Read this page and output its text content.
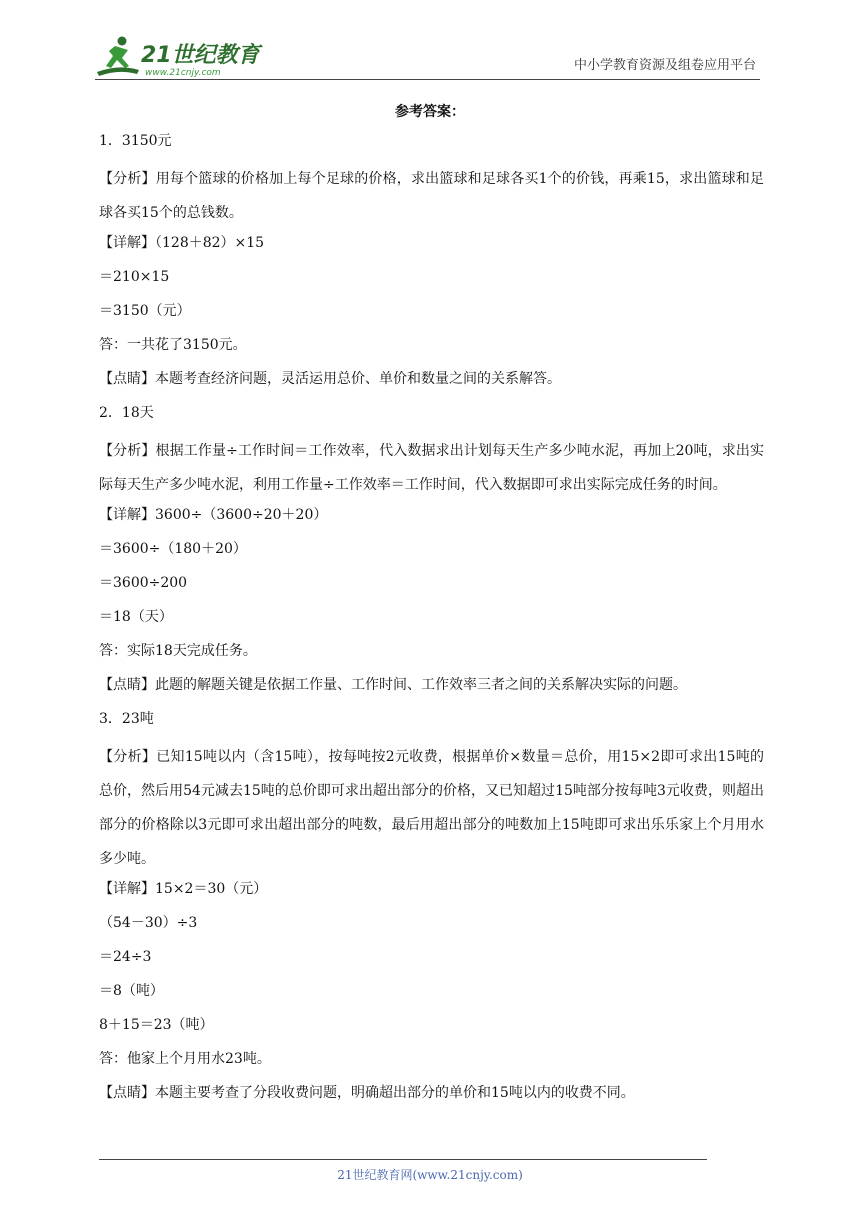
21世纪教育
www.21cnjy.com	中小学教育资源及组卷应用平台
参考答案：
1．3150元
【分析】用每个篮球的价格加上每个足球的价格，求出篮球和足球各买1个的价钱，再乘15，求出篮球和足球各买15个的总钱数。
【详解】（128＋82）×15
＝210×15
＝3150（元）
答：一共花了3150元。
【点睛】本题考查经济问题，灵活运用总价、单价和数量之间的关系解答。
2．18天
【分析】根据工作量÷工作时间＝工作效率，代入数据求出计划每天生产多少吨水泥，再加上20吨，求出实际每天生产多少吨水泥，利用工作量÷工作效率＝工作时间，代入数据即可求出实际完成任务的时间。
【详解】3600÷（3600÷20＋20）
＝3600÷（180＋20）
＝3600÷200
＝18（天）
答：实际18天完成任务。
【点睛】此题的解题关键是依据工作量、工作时间、工作效率三者之间的关系解决实际的问题。
3．23吨
【分析】已知15吨以内（含15吨），按每吨按2元收费，根据单价×数量＝总价，用15×2即可求出15吨的总价，然后用54元减去15吨的总价即可求出超出部分的价格，又已知超过15吨部分按每吨3元收费，则超出部分的价格除以3元即可求出超出部分的吨数，最后用超出部分的吨数加上15吨即可求出乐乐家上个月用水多少吨。
【详解】15×2＝30（元）
（54－30）÷3
＝24÷3
＝8（吨）
8＋15＝23（吨）
答：他家上个月用水23吨。
【点睛】本题主要考查了分段收费问题，明确超出部分的单价和15吨以内的收费不同。
21世纪教育网(www.21cnjy.com)
